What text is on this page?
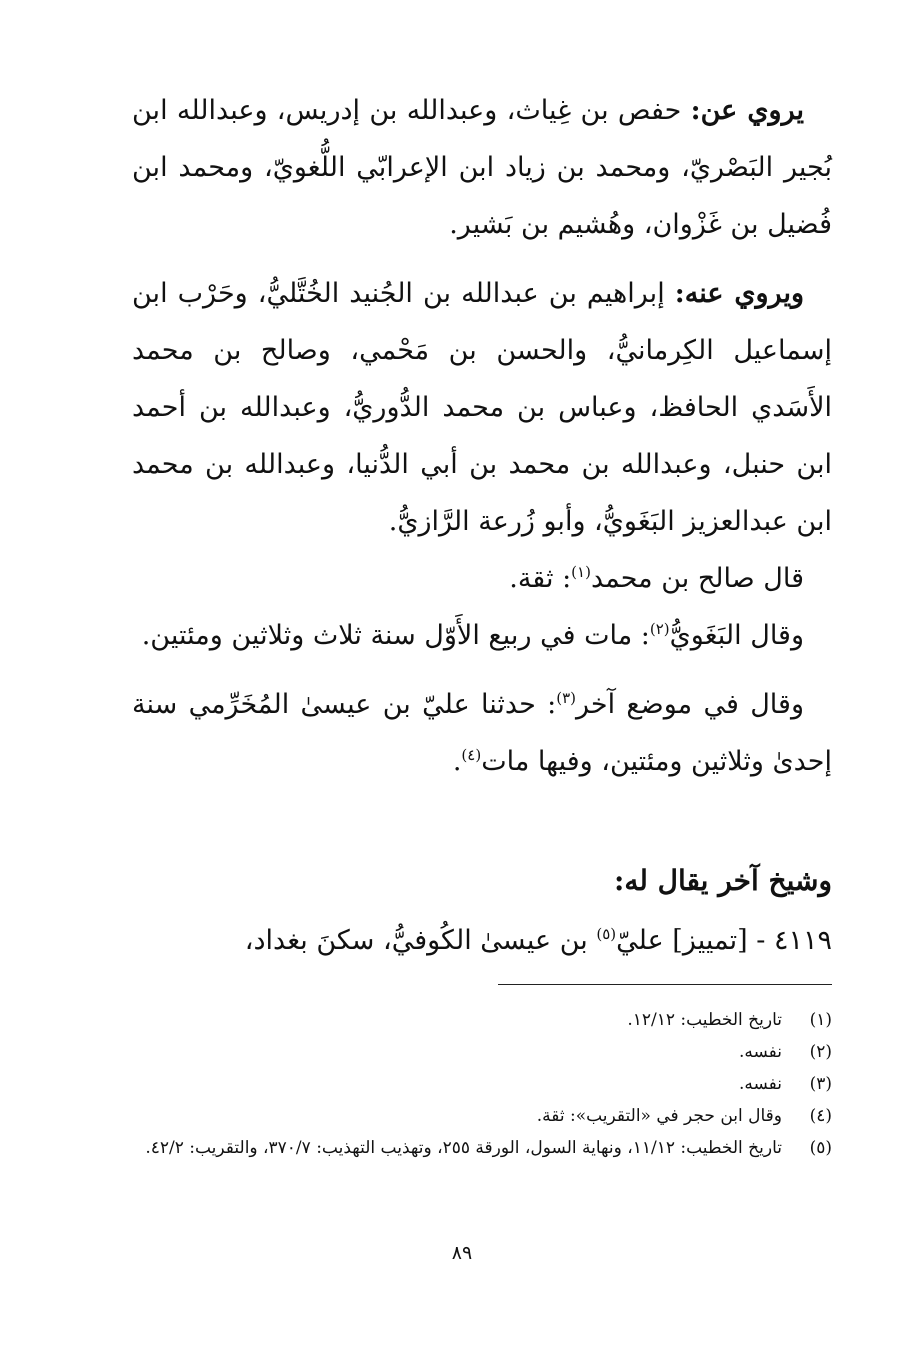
يروي عن: حفص بن غِياث، وعبدالله بن إدريس، وعبدالله ابن بُجير البَصْريّ، ومحمد بن زياد ابن الإعرابّي اللُّغويّ، ومحمد ابن فُضيل بن غَزْوان، وهُشيم بن بَشير.

ويروي عنه: إبراهيم بن عبدالله بن الجُنيد الخُتَّليُّ، وحَرْب ابن إسماعيل الكِرمانيُّ، والحسن بن مَحْمي، وصالح بن محمد الأَسَدي الحافظ، وعباس بن محمد الدُّوريُّ، وعبدالله بن أحمد ابن حنبل، وعبدالله بن محمد بن أبي الدُّنيا، وعبدالله بن محمد ابن عبدالعزيز البَغَويُّ، وأبو زُرعة الرَّازيُّ.

قال صالح بن محمد$^{(١)}$: ثقة.

وقال البَغَويُّ$^{(٢)}$: مات في ربيع الأَوّل سنة ثلاث وثلاثين ومئتين.

وقال في موضع آخر$^{(٣)}$: حدثنا عليّ بن عيسىٰ المُخَرِّمي سنة إحدىٰ وثلاثين ومئتين، وفيها مات$^{(٤)}$.

وشيخ آخر يقال له:
٤١١٩ - [تمييز] عليّ$^{(٥)}$ بن عيسىٰ الكُوفيُّ، سكنَ بغداد،
(١)
تاريخ الخطيب: ١٢/١٢.
(٢)
نفسه.
(٣)
نفسه.
(٤)
وقال ابن حجر في «التقريب»: ثقة.
(٥)
تاريخ الخطيب: ١١/١٢، ونهاية السول، الورقة ٢٥٥، وتهذيب التهذيب: ٣٧٠/٧، والتقريب: ٤٢/٢.
٨٩
